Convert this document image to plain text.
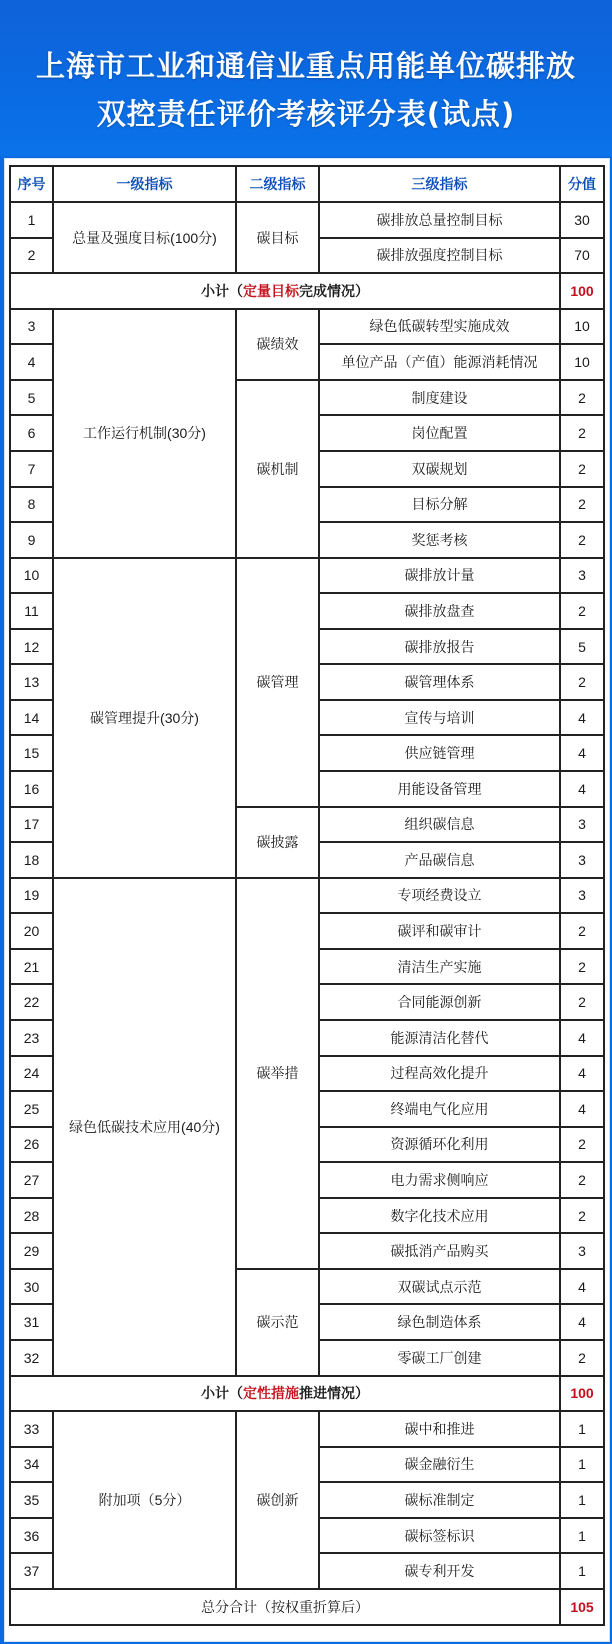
上海市工业和通信业重点用能单位碳排放
双控责任评价考核评分表(试点)
序号	一级指标	二级指标	三级指标	分值
1	总量及强度目标(100分)	碳目标	碳排放总量控制目标	30
2			碳排放强度控制目标	70
小计（定量目标完成情况）				100
3	工作运行机制(30分)	碳绩效	绿色低碳转型实施成效	10
4			单位产品（产值）能源消耗情况	10
5		碳机制	制度建设	2
6			岗位配置	2
7			双碳规划	2
8			目标分解	2
9			奖惩考核	2
10	碳管理提升(30分)	碳管理	碳排放计量	3
11			碳排放盘查	2
12			碳排放报告	5
13			碳管理体系	2
14			宣传与培训	4
15			供应链管理	4
16			用能设备管理	4
17		碳披露	组织碳信息	3
18			产品碳信息	3
19	绿色低碳技术应用(40分)	碳举措	专项经费设立	3
20			碳评和碳审计	2
21			清洁生产实施	2
22			合同能源创新	2
23			能源清洁化替代	4
24			过程高效化提升	4
25			终端电气化应用	4
26			资源循环化利用	2
27			电力需求侧响应	2
28			数字化技术应用	2
29			碳抵消产品购买	3
30		碳示范	双碳试点示范	4
31			绿色制造体系	4
32			零碳工厂创建	2
小计（定性措施推进情况）				100
33	附加项（5分）	碳创新	碳中和推进	1
34			碳金融衍生	1
35			碳标准制定	1
36			碳标签标识	1
37			碳专利开发	1
总分合计（按权重折算后）				105
